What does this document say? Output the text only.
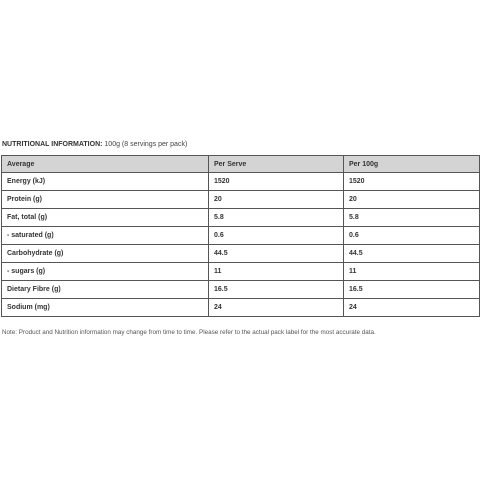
NUTRITIONAL INFORMATION: 100g (8 servings per pack)
Average	Per Serve	Per 100g
Energy (kJ)	1520	1520
Protein (g)	20	20
Fat, total (g)	5.8	5.8
- saturated (g)	0.6	0.6
Carbohydrate (g)	44.5	44.5
- sugars (g)	11	11
Dietary Fibre (g)	16.5	16.5
Sodium (mg)	24	24
Note: Product and Nutrition information may change from time to time. Please refer to the actual pack label for the most accurate data.
